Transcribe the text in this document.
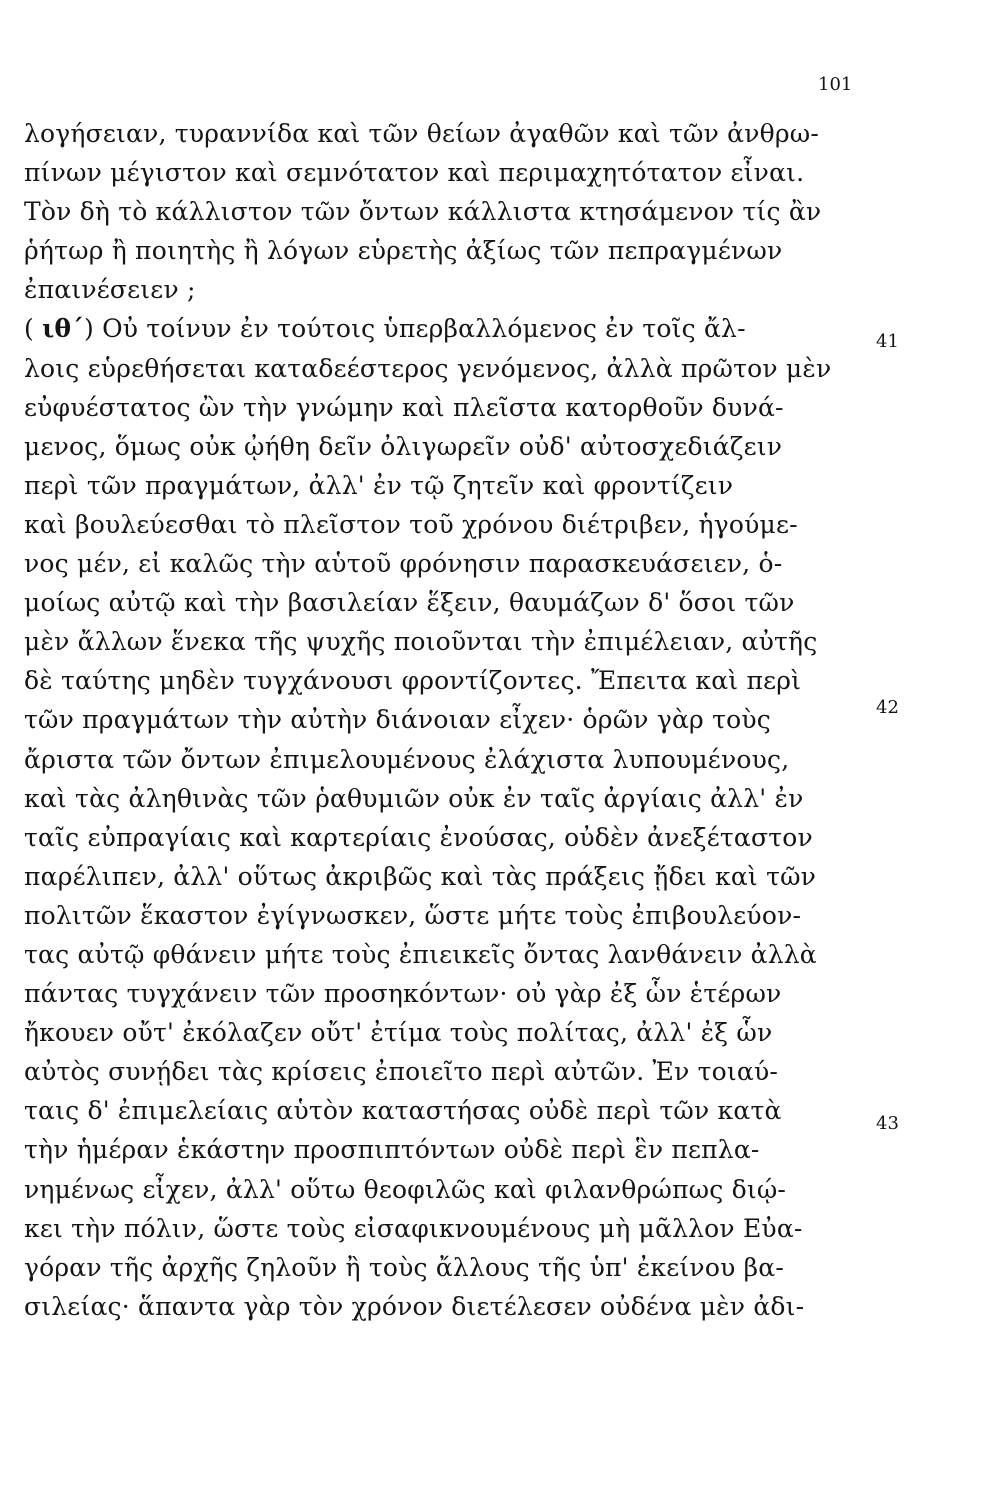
101
λογήσειαν, τυραννίδα καὶ τῶν θείων ἀγαθῶν καὶ τῶν ἀνθρω-
πίνων μέγιστον καὶ σεμνότατον καὶ περιμαχητότατον εἶναι.
Τὸν δὴ τὸ κάλλιστον τῶν ὄντων κάλλιστα κτησάμενον τίς ἂν
ῥήτωρ ἢ ποιητὴς ἢ λόγων εὑρετὴς ἀξίως τῶν πεπραγμένων
ἐπαινέσειεν ;
( ιθ΄) Οὐ τοίνυν ἐν τούτοις ὑπερβαλλόμενος ἐν τοῖς ἄλ-
λοις εὑρεθήσεται καταδεέστερος γενόμενος, ἀλλὰ πρῶτον μὲν
εὐφυέστατος ὢν τὴν γνώμην καὶ πλεῖστα κατορθοῦν δυνά-
μενος, ὅμως οὐκ ᾠήθη δεῖν ὀλιγωρεῖν οὐδ' αὐτοσχεδιάζειν
περὶ τῶν πραγμάτων, ἀλλ' ἐν τῷ ζητεῖν καὶ φροντίζειν
καὶ βουλεύεσθαι τὸ πλεῖστον τοῦ χρόνου διέτριβεν, ἡγούμε-
νος μέν, εἰ καλῶς τὴν αὑτοῦ φρόνησιν παρασκευάσειεν, ὁ-
μοίως αὐτῷ καὶ τὴν βασιλείαν ἕξειν, θαυμάζων δ' ὅσοι τῶν
μὲν ἄλλων ἕνεκα τῆς ψυχῆς ποιοῦνται τὴν ἐπιμέλειαν, αὐτῆς
δὲ ταύτης μηδὲν τυγχάνουσι φροντίζοντες. Ἔπειτα καὶ περὶ
τῶν πραγμάτων τὴν αὐτὴν διάνοιαν εἶχεν· ὁρῶν γὰρ τοὺς
ἄριστα τῶν ὄντων ἐπιμελουμένους ἐλάχιστα λυπουμένους,
καὶ τὰς ἀληθινὰς τῶν ῥαθυμιῶν οὐκ ἐν ταῖς ἀργίαις ἀλλ' ἐν
ταῖς εὐπραγίαις καὶ καρτερίαις ἐνούσας, οὐδὲν ἀνεξέταστον
παρέλιπεν, ἀλλ' οὕτως ἀκριβῶς καὶ τὰς πράξεις ᾔδει καὶ τῶν
πολιτῶν ἕκαστον ἐγίγνωσκεν, ὥστε μήτε τοὺς ἐπιβουλεύον-
τας αὐτῷ φθάνειν μήτε τοὺς ἐπιεικεῖς ὄντας λανθάνειν ἀλλὰ
πάντας τυγχάνειν τῶν προσηκόντων· οὐ γὰρ ἐξ ὧν ἑτέρων
ἤκουεν οὔτ' ἐκόλαζεν οὔτ' ἐτίμα τοὺς πολίτας, ἀλλ' ἐξ ὧν
αὐτὸς συνῄδει τὰς κρίσεις ἐποιεῖτο περὶ αὐτῶν. Ἐν τοιαύ-
ταις δ' ἐπιμελείαις αὑτὸν καταστήσας οὐδὲ περὶ τῶν κατὰ
τὴν ἡμέραν ἑκάστην προσπιπτόντων οὐδὲ περὶ ἓν πεπλα-
νημένως εἶχεν, ἀλλ' οὕτω θεοφιλῶς καὶ φιλανθρώπως διῴ-
κει τὴν πόλιν, ὥστε τοὺς εἰσαφικνουμένους μὴ μᾶλλον Εὐα-
γόραν τῆς ἀρχῆς ζηλοῦν ἢ τοὺς ἄλλους τῆς ὑπ' ἐκείνου βα-
σιλείας· ἅπαντα γὰρ τὸν χρόνον διετέλεσεν οὐδένα μὲν ἀδι-
41
42
43
